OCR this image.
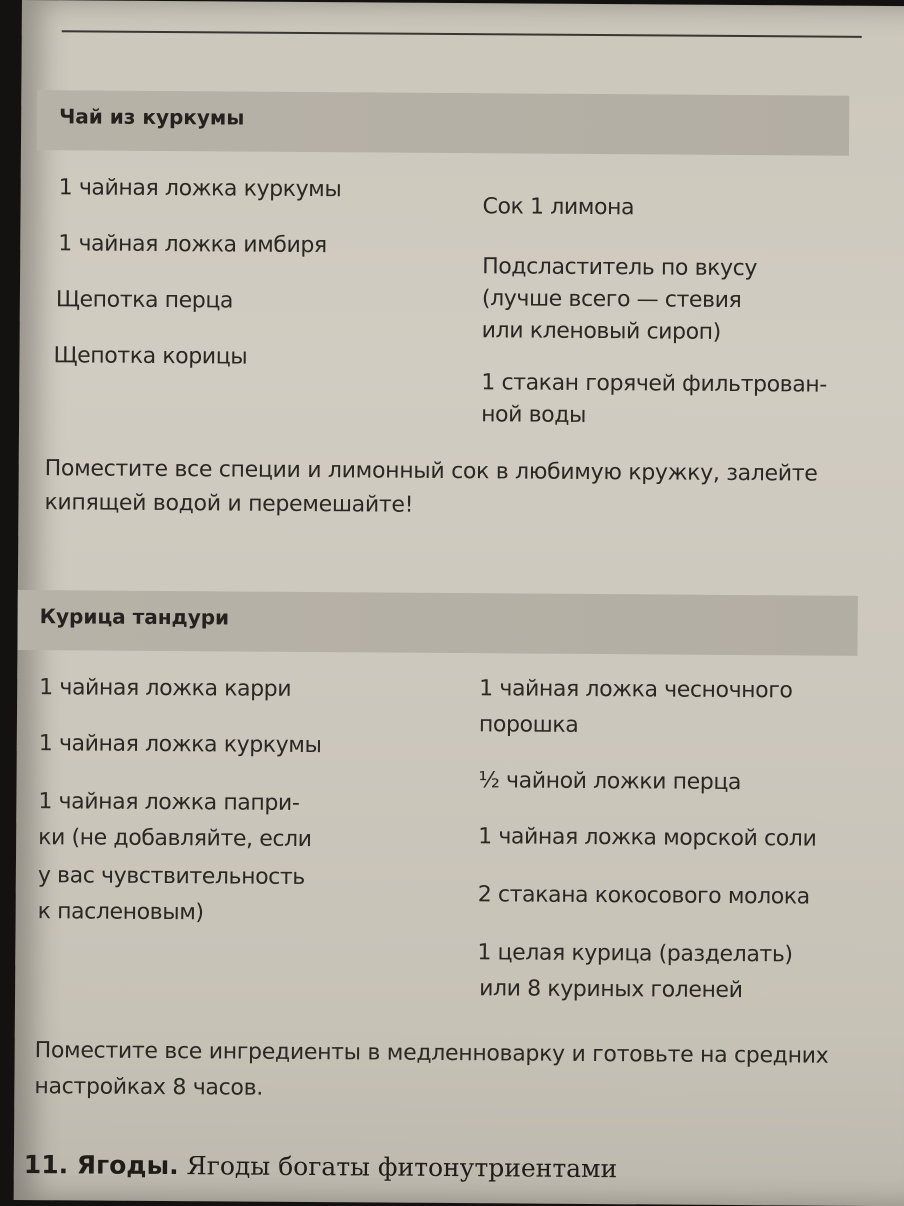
Чай из куркумы
1 чайная ложка куркумы
1 чайная ложка имбиря
Щепотка перца
Щепотка корицы
Сок 1 лимона
Подсластитель по вкусу
(лучше всего — стевия
или кленовый сироп)
1 стакан горячей фильтрован-
ной воды
Поместите все специи и лимонный сок в любимую кружку, залейте
кипящей водой и перемешайте!
Курица тандури
1 чайная ложка карри
1 чайная ложка куркумы
1 чайная ложка папри-
ки (не добавляйте, если
у вас чувствительность
к пасленовым)
1 чайная ложка чесночного
порошка
½ чайной ложки перца
1 чайная ложка морской соли
2 стакана кокосового молока
1 целая курица (разделать)
или 8 куриных голеней
Поместите все ингредиенты в медленноварку и готовьте на средних
настройках 8 часов.
11. Ягоды. Ягоды богаты фитонутриентами
